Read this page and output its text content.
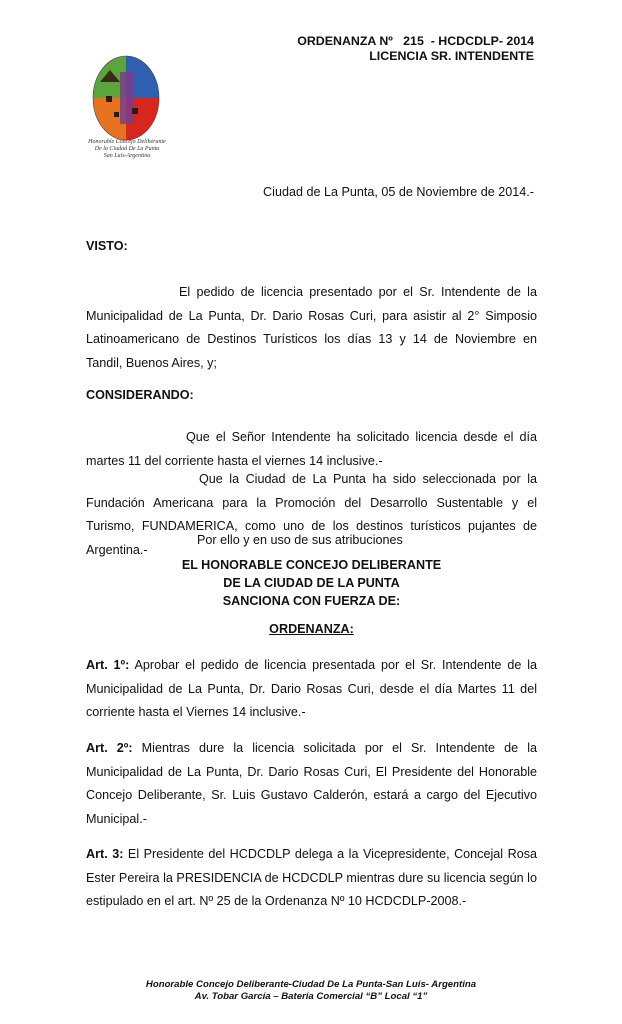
ORDENANZA Nº   215  - HCDCDLP- 2014
LICENCIA SR. INTENDENTE
Honorable Concejo Deliberante
De la Ciudad De La Punta
San Luis-Argentina
Ciudad de La Punta, 05 de Noviembre de 2014.-
VISTO:
El pedido de licencia presentado por el Sr. Intendente de la Municipalidad de La Punta, Dr. Dario Rosas Curi, para asistir al 2° Simposio Latinoamericano de Destinos Turísticos los días 13 y 14 de Noviembre en Tandil, Buenos Aires, y;
CONSIDERANDO:
Que el Señor Intendente ha solicitado licencia desde el día martes 11 del corriente hasta el viernes 14 inclusive.-
Que la Ciudad de La Punta ha sido seleccionada por la Fundación Americana para la Promoción del Desarrollo Sustentable y el Turismo, FUNDAMERICA, como uno de los destinos turísticos pujantes de Argentina.-
Por ello y en uso de sus atribuciones
EL HONORABLE CONCEJO DELIBERANTE
DE LA CIUDAD DE LA PUNTA
SANCIONA CON FUERZA DE:
ORDENANZA:
Art. 1º: Aprobar el pedido de licencia presentada por el Sr. Intendente de la Municipalidad de La Punta, Dr. Dario Rosas Curi, desde el día Martes 11 del corriente hasta el Viernes 14 inclusive.-
Art. 2º: Mientras dure la licencia solicitada por el Sr. Intendente de la Municipalidad de La Punta, Dr. Dario Rosas Curi, El Presidente del Honorable Concejo Deliberante, Sr. Luis Gustavo Calderón, estará a cargo del Ejecutivo Municipal.-
Art. 3: El Presidente del HCDCDLP delega a la Vicepresidente, Concejal Rosa Ester Pereira la PRESIDENCIA de HCDCDLP mientras dure su licencia según lo estipulado en el art. Nº 25 de la Ordenanza Nº 10 HCDCDLP-2008.-
Honorable Concejo Deliberante-Ciudad De La Punta-San Luís- Argentina
Av. Tobar García – Batería Comercial “B” Local “1”
